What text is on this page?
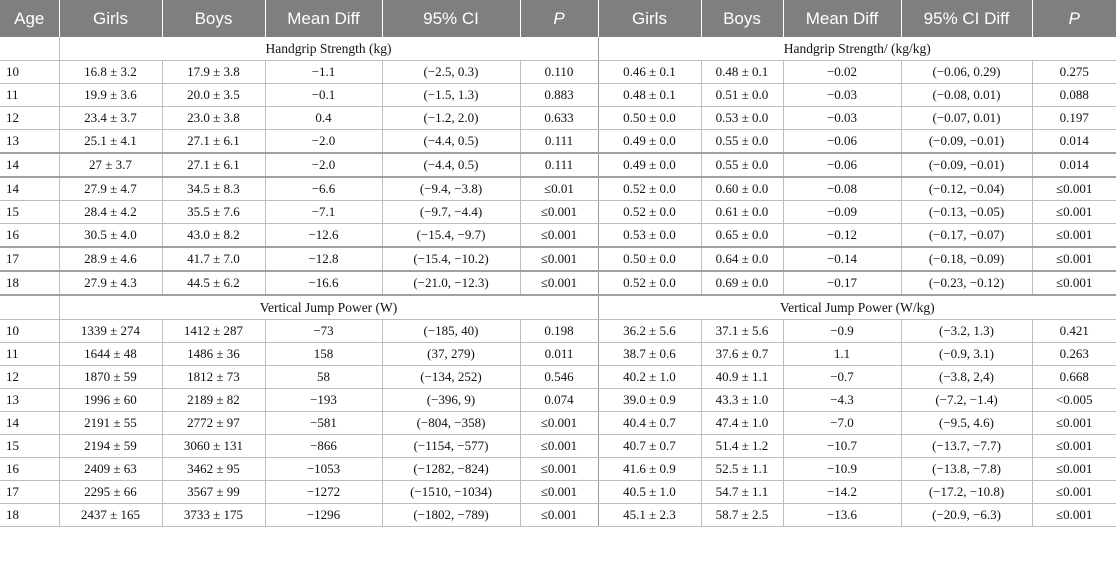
Age	Girls	Boys	Mean Diff	95% CI	P	Girls	Boys	Mean Diff	95% CI Diff	P
	Handgrip Strength (kg)					Handgrip Strength/ (kg/kg)				
10	16.8 ± 3.2	17.9 ± 3.8	−1.1	(−2.5, 0.3)	0.110	0.46 ± 0.1	0.48 ± 0.1	−0.02	(−0.06, 0.29)	0.275
11	19.9 ± 3.6	20.0 ± 3.5	−0.1	(−1.5, 1.3)	0.883	0.48 ± 0.1	0.51 ± 0.0	−0.03	(−0.08, 0.01)	0.088
12	23.4 ± 3.7	23.0 ± 3.8	0.4	(−1.2, 2.0)	0.633	0.50 ± 0.0	0.53 ± 0.0	−0.03	(−0.07, 0.01)	0.197
13	25.1 ± 4.1	27.1 ± 6.1	−2.0	(−4.4, 0.5)	0.111	0.49 ± 0.0	0.55 ± 0.0	−0.06	(−0.09, −0.01)	0.014
14	27 ± 3.7	27.1 ± 6.1	−2.0	(−4.4, 0.5)	0.111	0.49 ± 0.0	0.55 ± 0.0	−0.06	(−0.09, −0.01)	0.014
14	27.9 ± 4.7	34.5 ± 8.3	−6.6	(−9.4, −3.8)	≤0.01	0.52 ± 0.0	0.60 ± 0.0	−0.08	(−0.12, −0.04)	≤0.001
15	28.4 ± 4.2	35.5 ± 7.6	−7.1	(−9.7, −4.4)	≤0.001	0.52 ± 0.0	0.61 ± 0.0	−0.09	(−0.13, −0.05)	≤0.001
16	30.5 ± 4.0	43.0 ± 8.2	−12.6	(−15.4, −9.7)	≤0.001	0.53 ± 0.0	0.65 ± 0.0	−0.12	(−0.17, −0.07)	≤0.001
17	28.9 ± 4.6	41.7 ± 7.0	−12.8	(−15.4, −10.2)	≤0.001	0.50 ± 0.0	0.64 ± 0.0	−0.14	(−0.18, −0.09)	≤0.001
18	27.9 ± 4.3	44.5 ± 6.2	−16.6	(−21.0, −12.3)	≤0.001	0.52 ± 0.0	0.69 ± 0.0	−0.17	(−0.23, −0.12)	≤0.001
	Vertical Jump Power (W)					Vertical Jump Power (W/kg)				
10	1339 ± 274	1412 ± 287	−73	(−185, 40)	0.198	36.2 ± 5.6	37.1 ± 5.6	−0.9	(−3.2, 1.3)	0.421
11	1644 ± 48	1486 ± 36	158	(37, 279)	0.011	38.7 ± 0.6	37.6 ± 0.7	1.1	(−0.9, 3.1)	0.263
12	1870 ± 59	1812 ± 73	58	(−134, 252)	0.546	40.2 ± 1.0	40.9 ± 1.1	−0.7	(−3.8, 2,4)	0.668
13	1996 ± 60	2189 ± 82	−193	(−396, 9)	0.074	39.0 ± 0.9	43.3 ± 1.0	−4.3	(−7.2, −1.4)	<0.005
14	2191 ± 55	2772 ± 97	−581	(−804, −358)	≤0.001	40.4 ± 0.7	47.4 ± 1.0	−7.0	(−9.5, 4.6)	≤0.001
15	2194 ± 59	3060 ± 131	−866	(−1154, −577)	≤0.001	40.7 ± 0.7	51.4 ± 1.2	−10.7	(−13.7, −7.7)	≤0.001
16	2409 ± 63	3462 ± 95	−1053	(−1282, −824)	≤0.001	41.6 ± 0.9	52.5 ± 1.1	−10.9	(−13.8, −7.8)	≤0.001
17	2295 ± 66	3567 ± 99	−1272	(−1510, −1034)	≤0.001	40.5 ± 1.0	54.7 ± 1.1	−14.2	(−17.2, −10.8)	≤0.001
18	2437 ± 165	3733 ± 175	−1296	(−1802, −789)	≤0.001	45.1 ± 2.3	58.7 ± 2.5	−13.6	(−20.9, −6.3)	≤0.001
